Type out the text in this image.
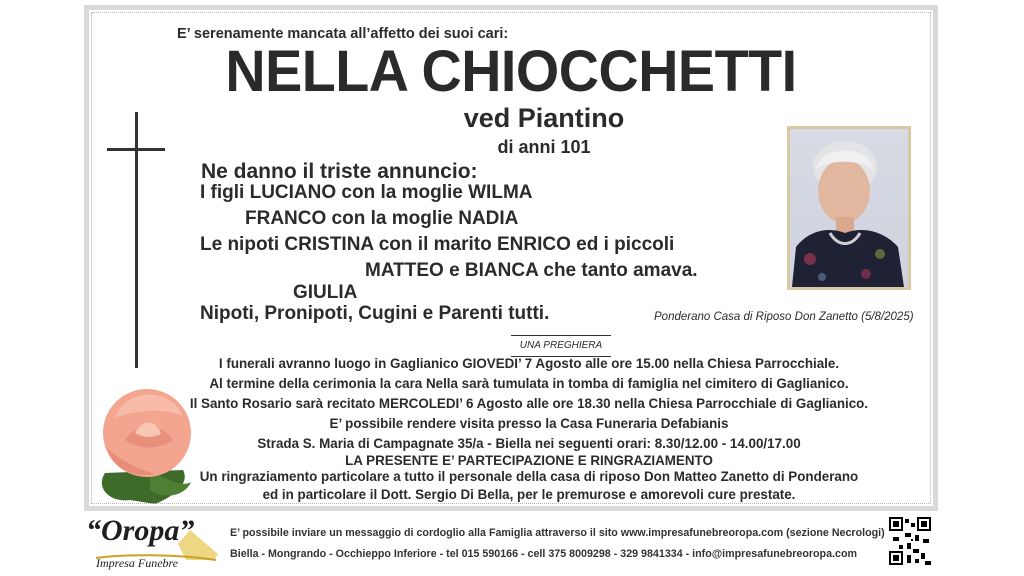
E’ serenamente mancata all’affetto dei suoi cari:
NELLA CHIOCCHETTI
ved Piantino
di anni 101
Ne danno il triste annuncio:
I figli LUCIANO con la moglie WILMA
FRANCO con la moglie NADIA
Le nipoti CRISTINA con il marito ENRICO ed i piccoli
MATTEO e BIANCA che tanto amava.
GIULIA
Nipoti, Pronipoti, Cugini e Parenti tutti.	Ponderano Casa di Riposo Don Zanetto (5/8/2025)
UNA PREGHIERA
I funerali avranno luogo in Gaglianico GIOVEDI’ 7 Agosto alle ore 15.00 nella Chiesa Parrocchiale.
Al termine della cerimonia la cara Nella sarà tumulata in tomba di famiglia nel cimitero di Gaglianico.
Il Santo Rosario sarà recitato MERCOLEDI’ 6 Agosto alle ore 18.30 nella Chiesa Parrocchiale di Gaglianico.
E’ possibile rendere visita presso la Casa Funeraria Defabianis
Strada S. Maria di Campagnate 35/a - Biella nei seguenti orari: 8.30/12.00 - 14.00/17.00
LA PRESENTE E’ PARTECIPAZIONE E RINGRAZIAMENTO
Un ringraziamento particolare a tutto il personale della casa di riposo Don Matteo Zanetto di Ponderano
ed in particolare il Dott. Sergio Di Bella, per le premurose e amorevoli cure prestate.
“Oropa”
Impresa Funebre
E’ possibile inviare un messaggio di cordoglio alla Famiglia attraverso il sito www.impresafunebreoropa.com (sezione Necrologi)
Biella - Mongrando - Occhieppo Inferiore - tel 015 590166 - cell 375 8009298 - 329 9841334 - info@impresafunebreoropa.com
